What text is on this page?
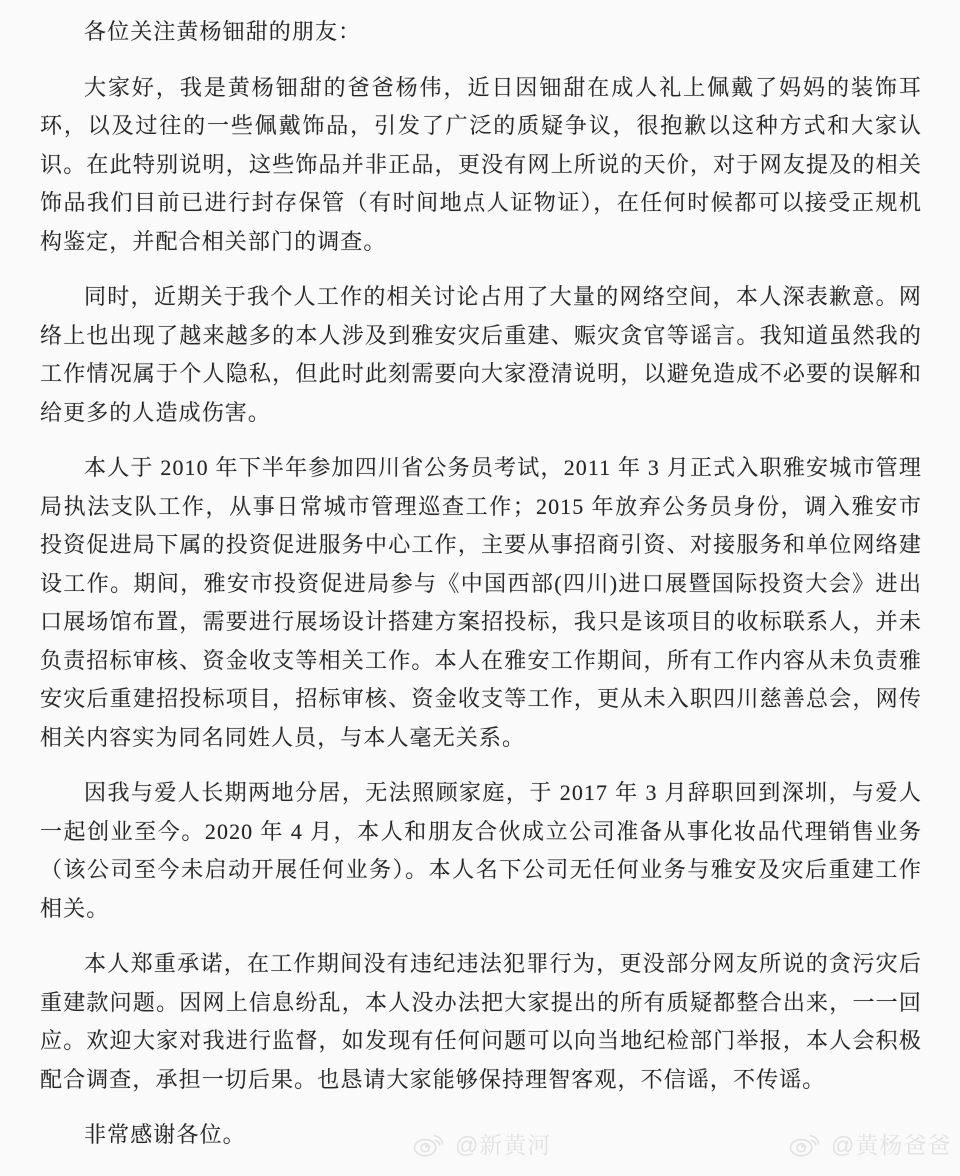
各位关注黄杨钿甜的朋友：

大家好，我是黄杨钿甜的爸爸杨伟，近日因钿甜在成人礼上佩戴了妈妈的装饰耳环，以及过往的一些佩戴饰品，引发了广泛的质疑争议，很抱歉以这种方式和大家认识。在此特别说明，这些饰品并非正品，更没有网上所说的天价，对于网友提及的相关饰品我们目前已进行封存保管（有时间地点人证物证），在任何时候都可以接受正规机构鉴定，并配合相关部门的调查。

同时，近期关于我个人工作的相关讨论占用了大量的网络空间，本人深表歉意。网络上也出现了越来越多的本人涉及到雅安灾后重建、赈灾贪官等谣言。我知道虽然我的工作情况属于个人隐私，但此时此刻需要向大家澄清说明，以避免造成不必要的误解和给更多的人造成伤害。

本人于 2010 年下半年参加四川省公务员考试，2011 年 3 月正式入职雅安城市管理局执法支队工作，从事日常城市管理巡查工作；2015 年放弃公务员身份，调入雅安市投资促进局下属的投资促进服务中心工作，主要从事招商引资、对接服务和单位网络建设工作。期间，雅安市投资促进局参与《中国西部(四川)进口展暨国际投资大会》进出口展场馆布置，需要进行展场设计搭建方案招投标，我只是该项目的收标联系人，并未负责招标审核、资金收支等相关工作。本人在雅安工作期间，所有工作内容从未负责雅安灾后重建招投标项目，招标审核、资金收支等工作，更从未入职四川慈善总会，网传相关内容实为同名同姓人员，与本人毫无关系。

因我与爱人长期两地分居，无法照顾家庭，于 2017 年 3 月辞职回到深圳，与爱人一起创业至今。2020 年 4 月，本人和朋友合伙成立公司准备从事化妆品代理销售业务（该公司至今未启动开展任何业务）。本人名下公司无任何业务与雅安及灾后重建工作相关。

本人郑重承诺，在工作期间没有违纪违法犯罪行为，更没部分网友所说的贪污灾后重建款问题。因网上信息纷乱，本人没办法把大家提出的所有质疑都整合出来，一一回应。欢迎大家对我进行监督，如发现有任何问题可以向当地纪检部门举报，本人会积极配合调查，承担一切后果。也恳请大家能够保持理智客观，不信谣，不传谣。

非常感谢各位。	@新黄河	@黄杨爸爸
